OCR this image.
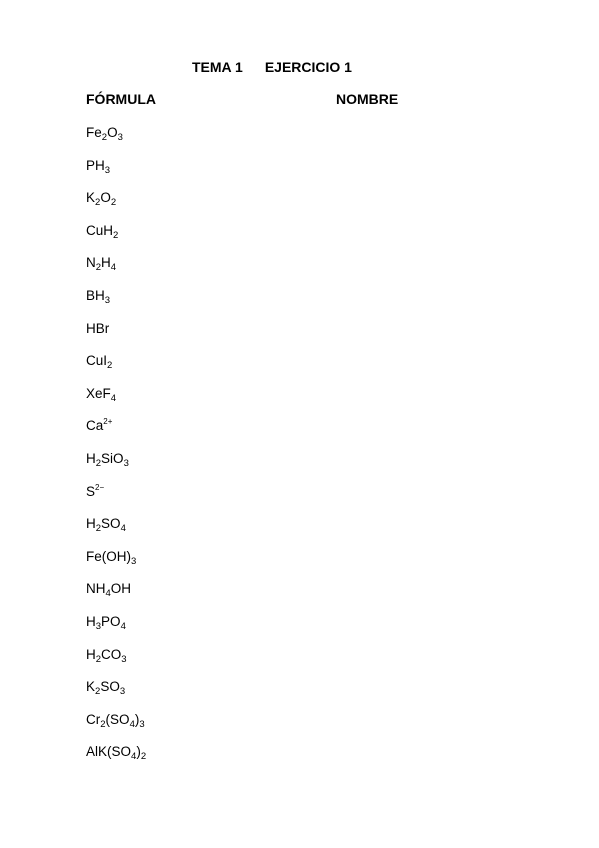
TEMA 1 EJERCICIO 1
FÓRMULA	NOMBRE
$Fe_2O_3$
$PH_3$
$K_2O_2$
CuH$_2$
$N_2H_4$
$BH_3$
HBr
CuI$_2$
XeF$_4$
$Ca^{2+}$
$H_2SiO_3$
$S^{2-}$
$H_2SO_4$
$Fe(OH)_3$
$NH_4OH$
$H_3PO_4$
$H_2CO_3$
$K_2SO_3$
$Cr_2(SO_4)_3$
$AlK(SO_4)_2$
